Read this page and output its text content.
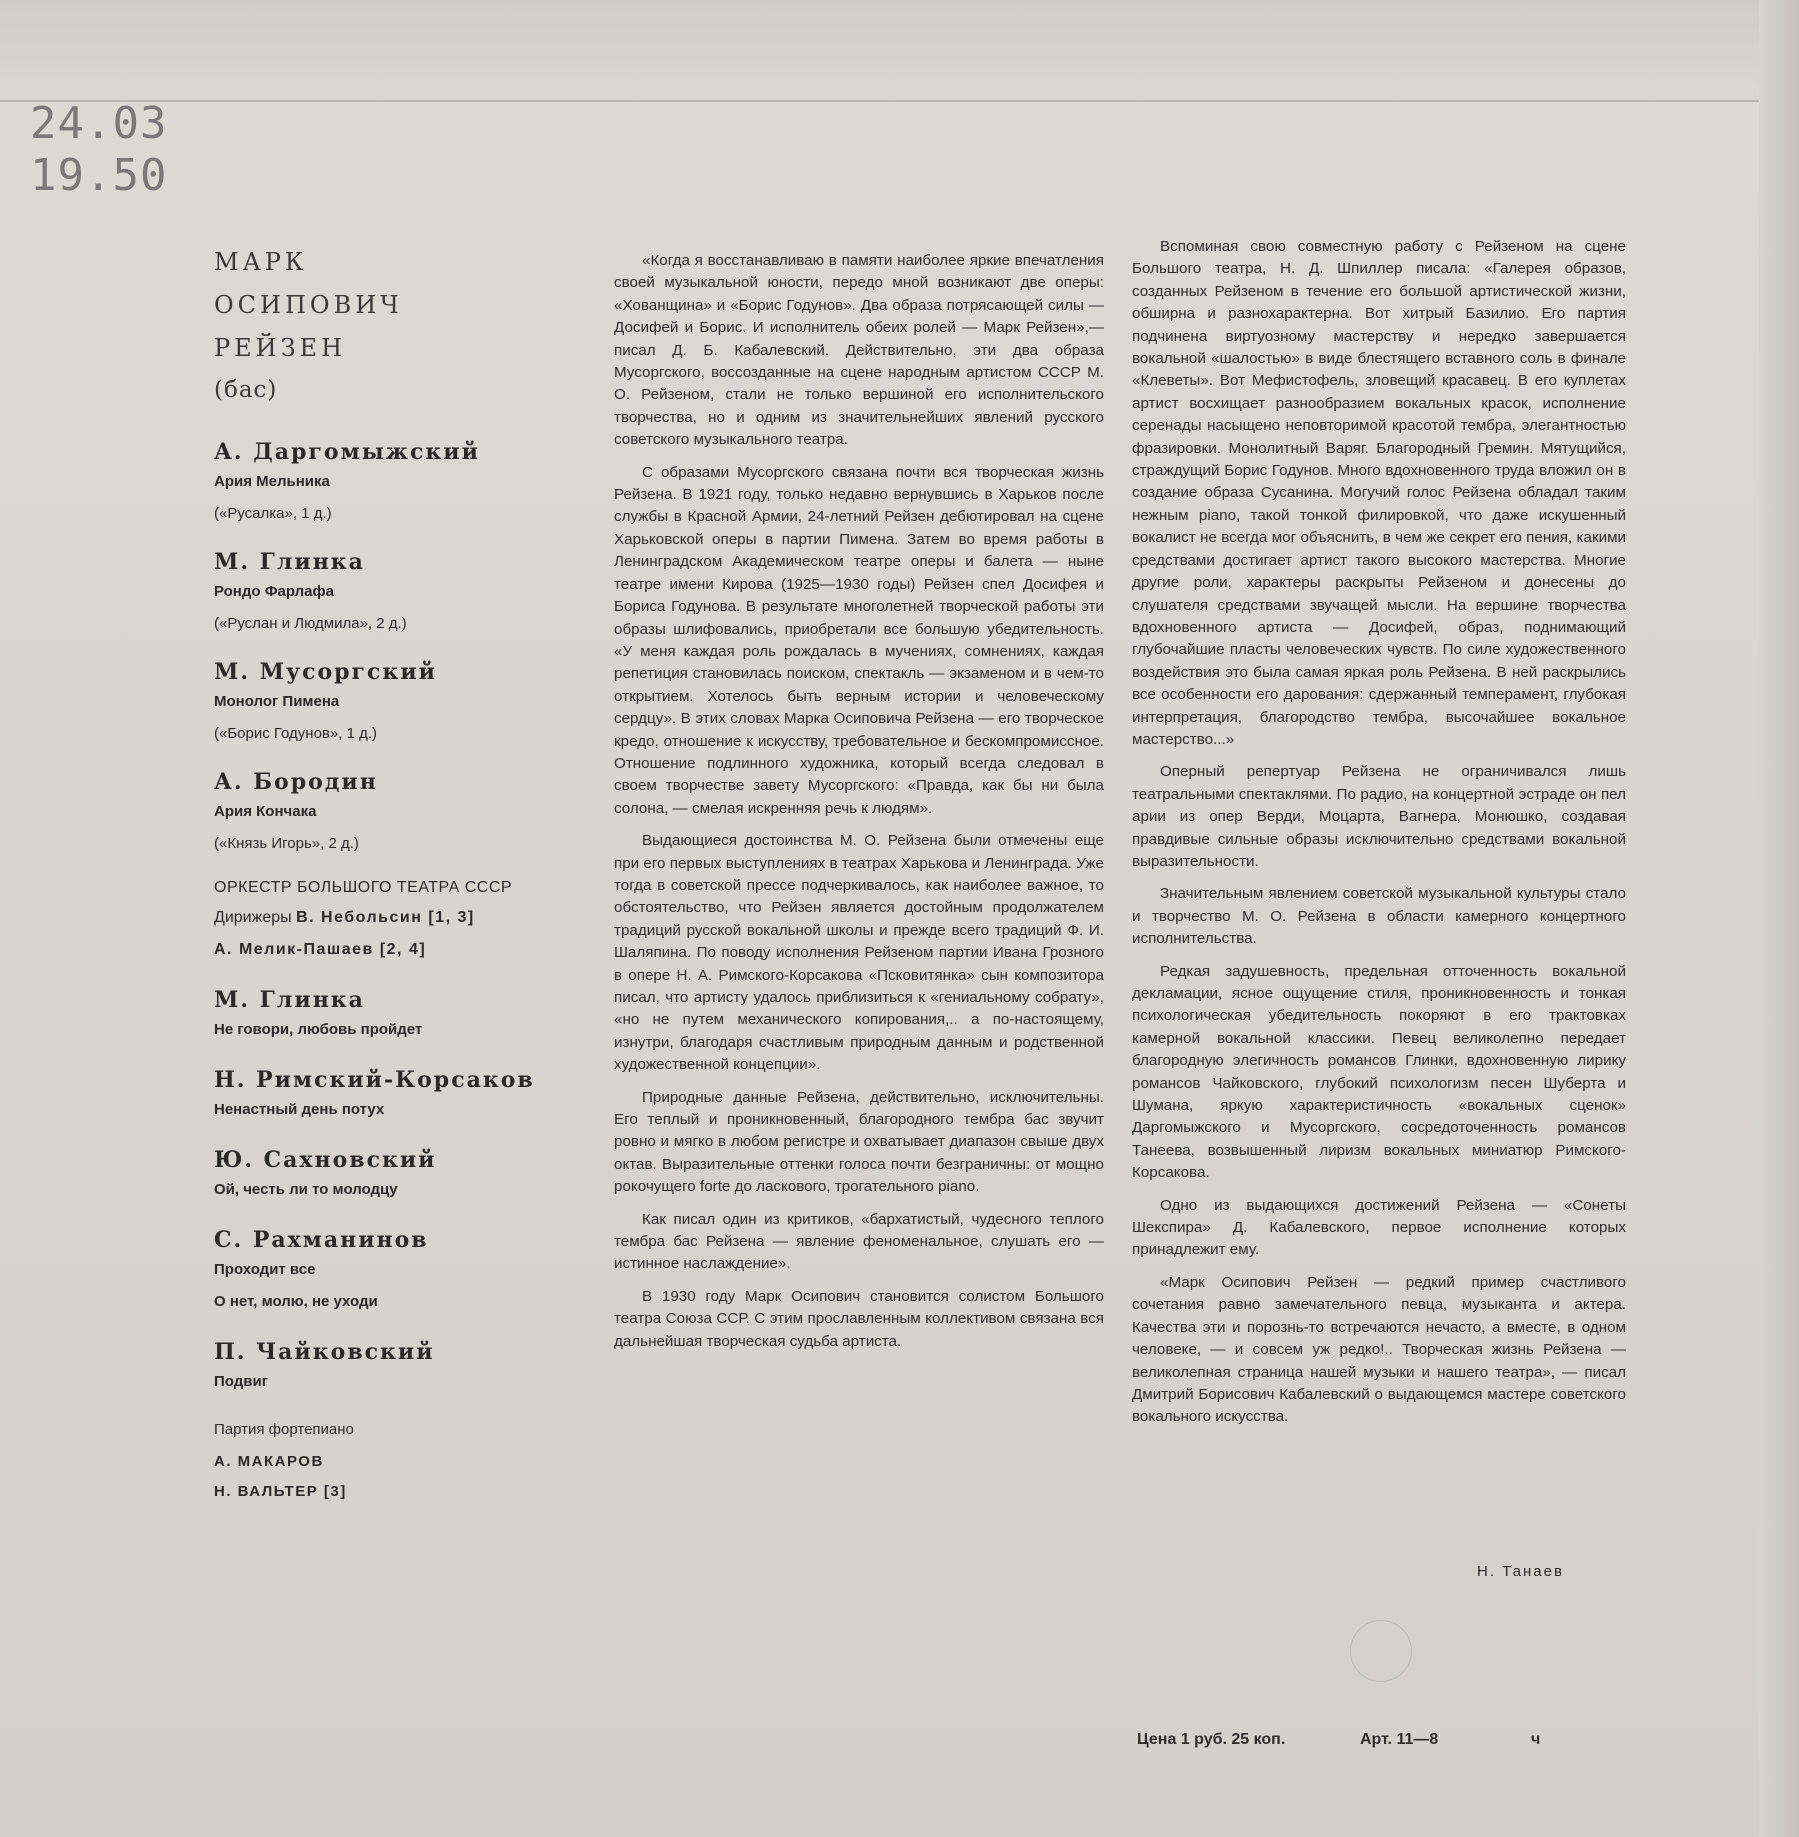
24.03
19.50
МАРК
ОСИПОВИЧ
РЕЙЗЕН
(бас)
А. Даргомыжский
Ария Мельника
(«Русалка», 1 д.)
М. Глинка
Рондо Фарлафа
(«Руслан и Людмила», 2 д.)
М. Мусоргский
Монолог Пимена
(«Борис Годунов», 1 д.)
А. Бородин
Ария Кончака
(«Князь Игорь», 2 д.)
ОРКЕСТР БОЛЬШОГО ТЕАТРА СССР
Дирижеры В. Небольсин [1, 3]
А. Мелик-Пашаев [2, 4]
М. Глинка
Не говори, любовь пройдет
Н. Римский-Корсаков
Ненастный день потух
Ю. Сахновский
Ой, честь ли то молодцу
С. Рахманинов
Проходит все
О нет, молю, не уходи
П. Чайковский
Подвиг
Партия фортепиано
А. МАКАРОВ
Н. ВАЛЬТЕР [3]

«Когда я восстанавливаю в памяти наиболее яркие впечатления своей музыкальной юности, передо мной возникают две оперы: «Хованщина» и «Борис Годунов». Два образа потрясающей силы — Досифей и Борис. И исполнитель обеих ролей — Марк Рейзен»,— писал Д. Б. Кабалевский. Действительно, эти два образа Мусоргского, воссозданные на сцене народным артистом СССР М. О. Рейзеном, стали не только вершиной его исполнительского творчества, но и одним из значительнейших явлений русского советского музыкального театра.

С образами Мусоргского связана почти вся творческая жизнь Рейзена. В 1921 году, только недавно вернувшись в Харьков после службы в Красной Армии, 24-летний Рейзен дебютировал на сцене Харьковской оперы в партии Пимена. Затем во время работы в Ленинградском Академическом театре оперы и балета — ныне театре имени Кирова (1925—1930 годы) Рейзен спел Досифея и Бориса Годунова. В результате многолетней творческой работы эти образы шлифовались, приобретали все большую убедительность. «У меня каждая роль рождалась в мучениях, сомнениях, каждая репетиция становилась поиском, спектакль — экзаменом и в чем-то открытием. Хотелось быть верным истории и человеческому сердцу». В этих словах Марка Осиповича Рейзена — его творческое кредо, отношение к искусству, требовательное и бескомпромиссное. Отношение подлинного художника, который всегда следовал в своем творчестве завету Мусоргского: «Правда, как бы ни была солона, — смелая искренняя речь к людям».

Выдающиеся достоинства М. О. Рейзена были отмечены еще при его первых выступлениях в театрах Харькова и Ленинграда. Уже тогда в советской прессе подчеркивалось, как наиболее важное, то обстоятельство, что Рейзен является достойным продолжателем традиций русской вокальной школы и прежде всего традиций Ф. И. Шаляпина. По поводу исполнения Рейзеном партии Ивана Грозного в опере Н. А. Римского-Корсакова «Псковитянка» сын композитора писал, что артисту удалось приблизиться к «гениальному собрату», «но не путем механического копирования,.. а по-настоящему, изнутри, благодаря счастливым природным данным и родственной художественной концепции».

Природные данные Рейзена, действительно, исключительны. Его теплый и проникновенный, благородного тембра бас звучит ровно и мягко в любом регистре и охватывает диапазон свыше двух октав. Выразительные оттенки голоса почти безграничны: от мощно рокочущего forte до ласкового, трогательного piano.

Как писал один из критиков, «бархатистый, чудесного теплого тембра бас Рейзена — явление феноменальное, слушать его — истинное наслаждение».

В 1930 году Марк Осипович становится солистом Большого театра Союза ССР. С этим прославленным коллективом связана вся дальнейшая творческая судьба артиста.

Вспоминая свою совместную работу с Рейзеном на сцене Большого театра, Н. Д. Шпиллер писала: «Галерея образов, созданных Рейзеном в течение его большой артистической жизни, обширна и разнохарактерна. Вот хитрый Базилио. Его партия подчинена виртуозному мастерству и нередко завершается вокальной «шалостью» в виде блестящего вставного соль в финале «Клеветы». Вот Мефистофель, зловещий красавец. В его куплетах артист восхищает разнообразием вокальных красок, исполнение серенады насыщено неповторимой красотой тембра, элегантностью фразировки. Монолитный Варяг. Благородный Гремин. Мятущийся, страждущий Борис Годунов. Много вдохновенного труда вложил он в создание образа Сусанина. Могучий голос Рейзена обладал таким нежным piano, такой тонкой филировкой, что даже искушенный вокалист не всегда мог объяснить, в чем же секрет его пения, какими средствами достигает артист такого высокого мастерства. Многие другие роли, характеры раскрыты Рейзеном и донесены до слушателя средствами звучащей мысли. На вершине творчества вдохновенного артиста — Досифей, образ, поднимающий глубочайшие пласты человеческих чувств. По силе художественного воздействия это была самая яркая роль Рейзена. В ней раскрылись все особенности его дарования: сдержанный темперамент, глубокая интерпретация, благородство тембра, высочайшее вокальное мастерство...»

Оперный репертуар Рейзена не ограничивался лишь театральными спектаклями. По радио, на концертной эстраде он пел арии из опер Верди, Моцарта, Вагнера, Монюшко, создавая правдивые сильные образы исключительно средствами вокальной выразительности.

Значительным явлением советской музыкальной культуры стало и творчество М. О. Рейзена в области камерного концертного исполнительства.

Редкая задушевность, предельная отточенность вокальной декламации, ясное ощущение стиля, проникновенность и тонкая психологическая убедительность покоряют в его трактовках камерной вокальной классики. Певец великолепно передает благородную элегичность романсов Глинки, вдохновенную лирику романсов Чайковского, глубокий психологизм песен Шуберта и Шумана, яркую характеристичность «вокальных сценок» Даргомыжского и Мусоргского, сосредоточенность романсов Танеева, возвышенный лиризм вокальных миниатюр Римского-Корсакова.

Одно из выдающихся достижений Рейзена — «Сонеты Шекспира» Д. Кабалевского, первое исполнение которых принадлежит ему.

«Марк Осипович Рейзен — редкий пример счастливого сочетания равно замечательного певца, музыканта и актера. Качества эти и порознь-то встречаются нечасто, а вместе, в одном человеке, — и совсем уж редко!.. Творческая жизнь Рейзена — великолепная страница нашей музыки и нашего театра», — писал Дмитрий Борисович Кабалевский о выдающемся мастере советского вокального искусства.

Н. Танаев
Цена 1 руб. 25 коп.	Арт. 11—8	ч
